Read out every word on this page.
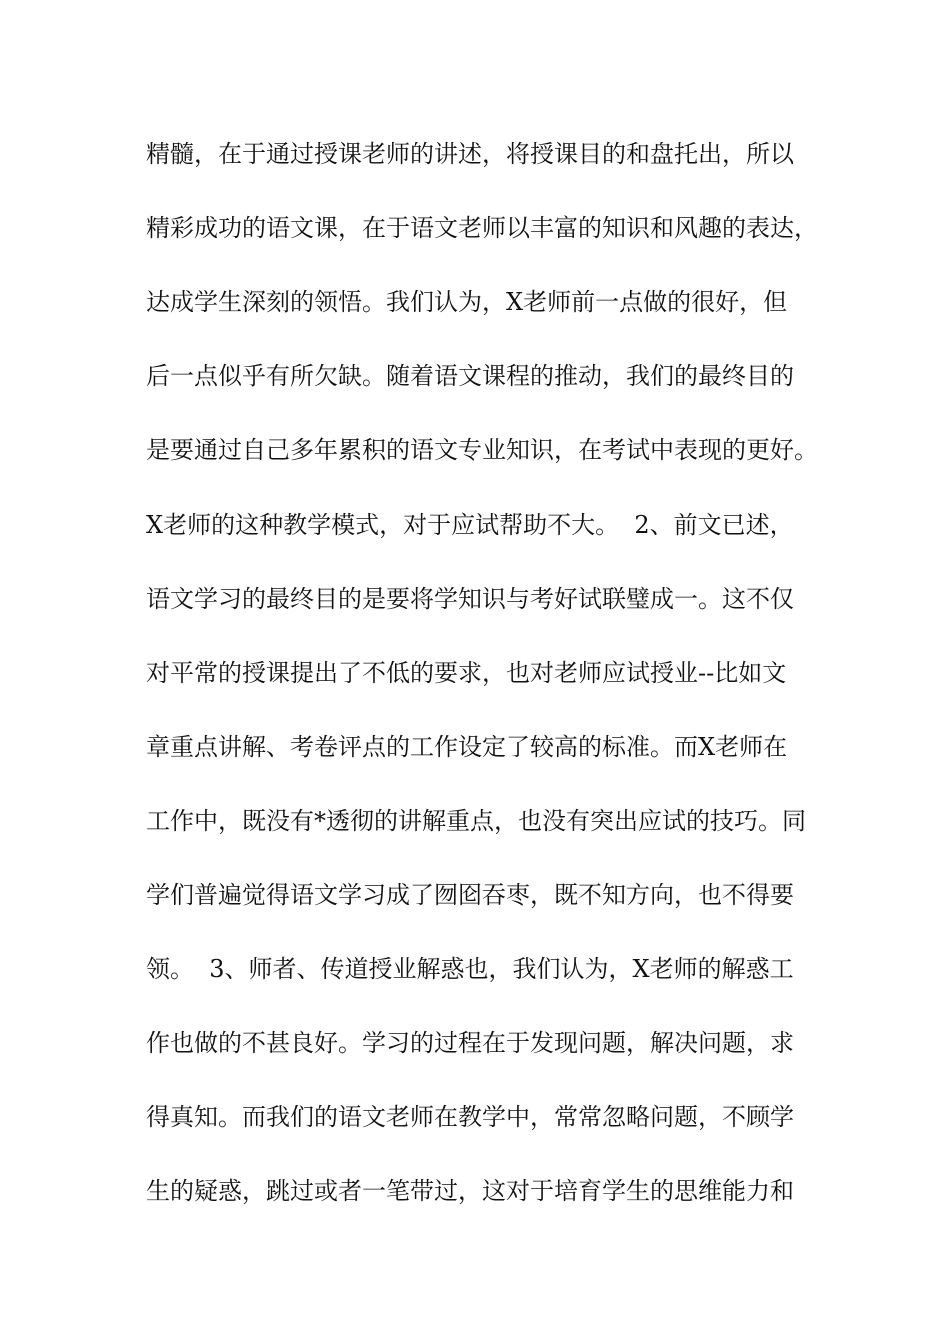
精髓，在于通过授课老师的讲述，将授课目的和盘托出，所以
精彩成功的语文课，在于语文老师以丰富的知识和风趣的表达，
达成学生深刻的领悟。我们认为，X老师前一点做的很好，但
后一点似乎有所欠缺。随着语文课程的推动，我们的最终目的
是要通过自己多年累积的语文专业知识，在考试中表现的更好。
X老师的这种教学模式，对于应试帮助不大。  2、前文已述，
语文学习的最终目的是要将学知识与考好试联璧成一。这不仅
对平常的授课提出了不低的要求，也对老师应试授业--比如文
章重点讲解、考卷评点的工作设定了较高的标准。而X老师在
工作中，既没有*透彻的讲解重点，也没有突出应试的技巧。同
学们普遍觉得语文学习成了囫囵吞枣，既不知方向，也不得要
领。  3、师者、传道授业解惑也，我们认为，X老师的解惑工
作也做的不甚良好。学习的过程在于发现问题，解决问题，求
得真知。而我们的语文老师在教学中，常常忽略问题，不顾学
生的疑惑，跳过或者一笔带过，这对于培育学生的思维能力和
